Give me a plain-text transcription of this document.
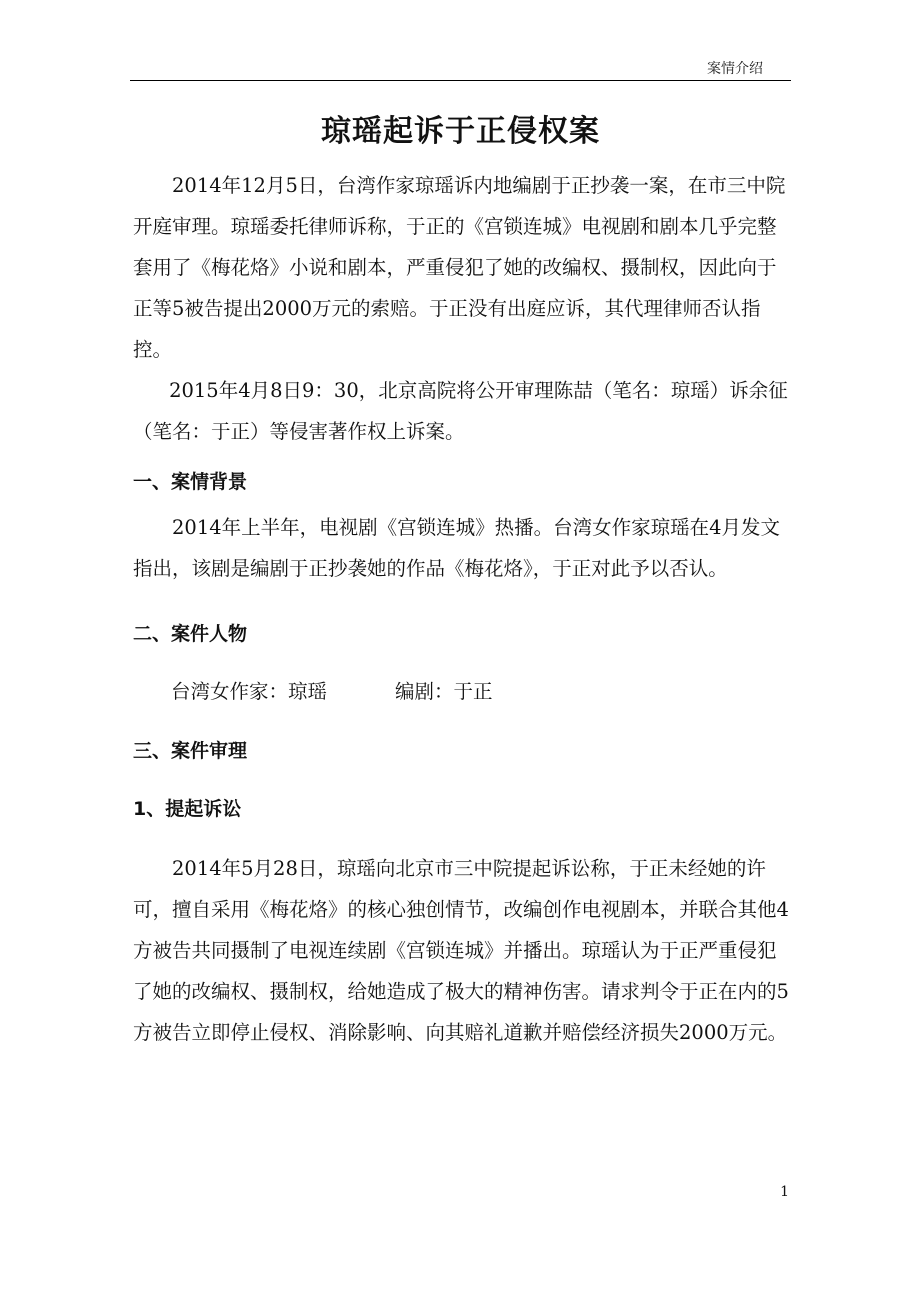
案情介绍
琼瑶起诉于正侵权案

2014年12月5日，台湾作家琼瑶诉内地编剧于正抄袭一案，在市三中院开庭审理。琼瑶委托律师诉称，于正的《宫锁连城》电视剧和剧本几乎完整套用了《梅花烙》小说和剧本，严重侵犯了她的改编权、摄制权，因此向于正等5被告提出2000万元的索赔。于正没有出庭应诉，其代理律师否认指控。

2015年4月8日9：30，北京高院将公开审理陈喆（笔名：琼瑶）诉余征（笔名：于正）等侵害著作权上诉案。

一、案情背景

2014年上半年，电视剧《宫锁连城》热播。台湾女作家琼瑶在4月发文指出，该剧是编剧于正抄袭她的作品《梅花烙》，于正对此予以否认。

二、案件人物

台湾女作家：琼瑶	编剧：于正

三、案件审理

1、提起诉讼

2014年5月28日，琼瑶向北京市三中院提起诉讼称，于正未经她的许可，擅自采用《梅花烙》的核心独创情节，改编创作电视剧本，并联合其他4方被告共同摄制了电视连续剧《宫锁连城》并播出。琼瑶认为于正严重侵犯了她的改编权、摄制权，给她造成了极大的精神伤害。请求判令于正在内的5方被告立即停止侵权、消除影响、向其赔礼道歉并赔偿经济损失2000万元。

1
